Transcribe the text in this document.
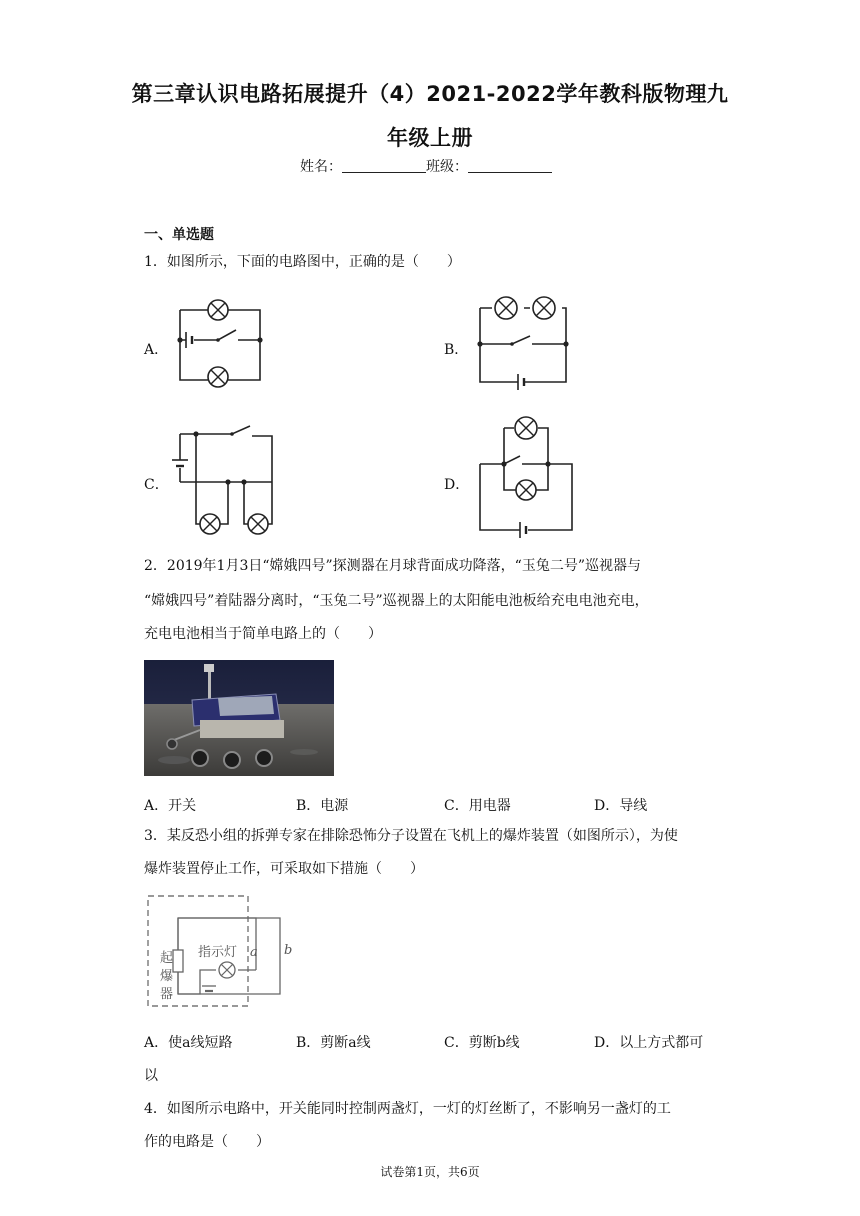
第三章认识电路拓展提升（4）2021-2022学年教科版物理九
年级上册
姓名：	班级：
一、单选题
1．如图所示，下面的电路图中，正确的是（　　）
A．	B．
C．	D．
2．2019年1月3日“嫦娥四号”探测器在月球背面成功降落，“玉兔二号”巡视器与
“嫦娥四号”着陆器分离时，“玉兔二号”巡视器上的太阳能电池板给充电电池充电，
充电电池相当于简单电路上的（　　）
A．开关	B．电源	C．用电器	D．导线
3．某反恐小组的拆弹专家在排除恐怖分子设置在飞机上的爆炸装置（如图所示），为使
爆炸装置停止工作，可采取如下措施（　　）
起
爆
器
指示灯 a b
A．使a线短路	B．剪断a线	C．剪断b线	D．以上方式都可
以
4．如图所示电路中，开关能同时控制两盏灯，一灯的灯丝断了，不影响另一盏灯的工
作的电路是（　　）
试卷第1页，共6页
